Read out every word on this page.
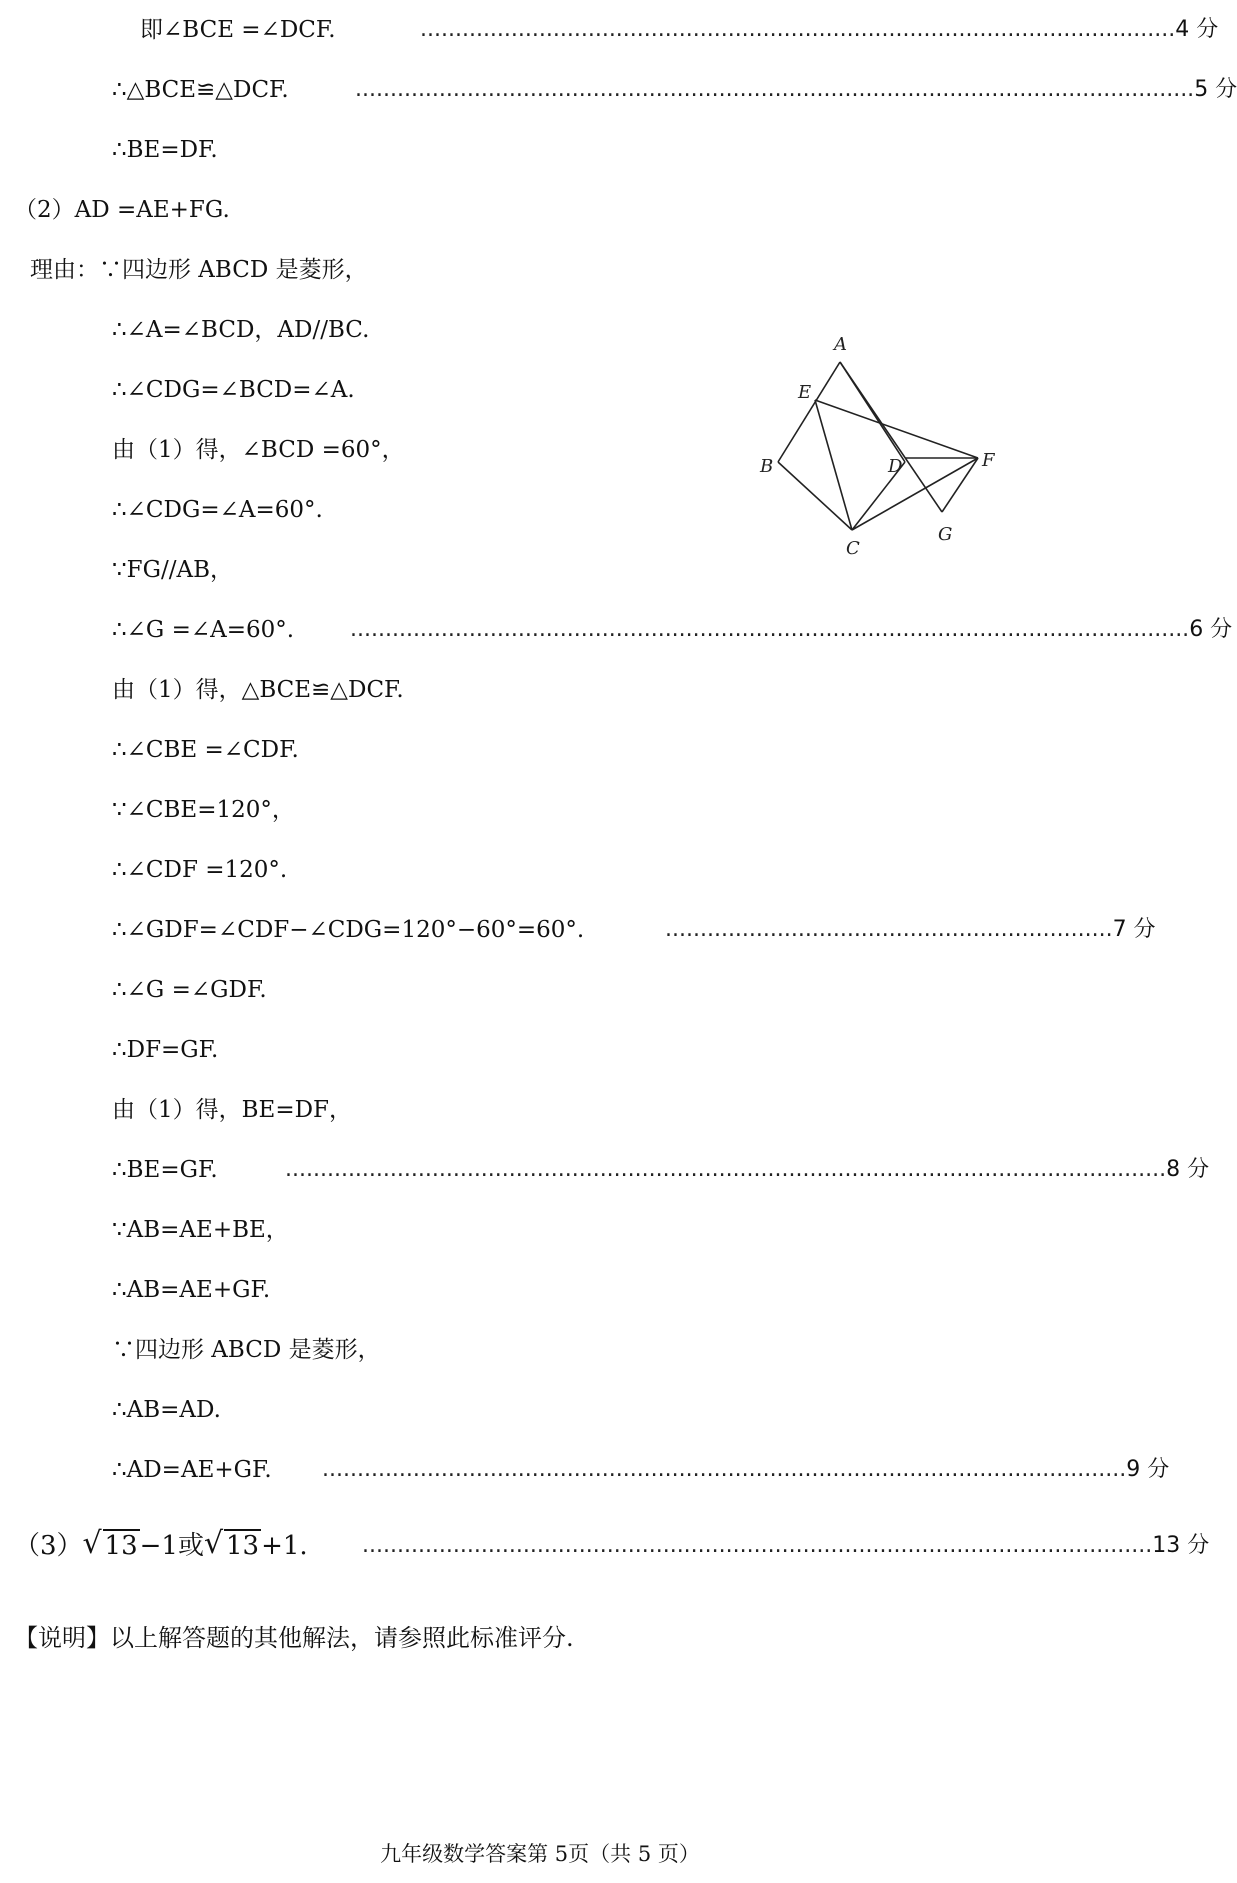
即∠BCE =∠DCF.	............................................................................................................4 分
∴△BCE≌△DCF.	........................................................................................................................5 分
∴BE=DF.
（2）AD =AE+FG.
理由：∵四边形 ABCD 是菱形，
∴∠A=∠BCD，AD//BC.
∴∠CDG=∠BCD=∠A.
由（1）得，∠BCD =60°，
∴∠CDG=∠A=60°.
∵FG//AB，
∴∠G =∠A=60°.	........................................................................................................................6 分
由（1）得，△BCE≌△DCF.
∴∠CBE =∠CDF.
∵∠CBE=120°，
∴∠CDF =120°.
∴∠GDF=∠CDF−∠CDG=120°−60°=60°.	................................................................7 分
∴∠G =∠GDF.
∴DF=GF.
由（1）得，BE=DF，
∴BE=GF.	..............................................................................................................................8 分
∵AB=AE+BE，
∴AB=AE+GF.
∵四边形 ABCD 是菱形，
∴AB=AD.
∴AD=AE+GF. ...................................................................................................................9 分
（3） √ 13−1或 √ 13+1. .................................................................................................................13 分
【说明】以上解答题的其他解法，请参照此标准评分.
A
E
B	D	F
G
C
九年级数学答案第 5页（共 5 页）
